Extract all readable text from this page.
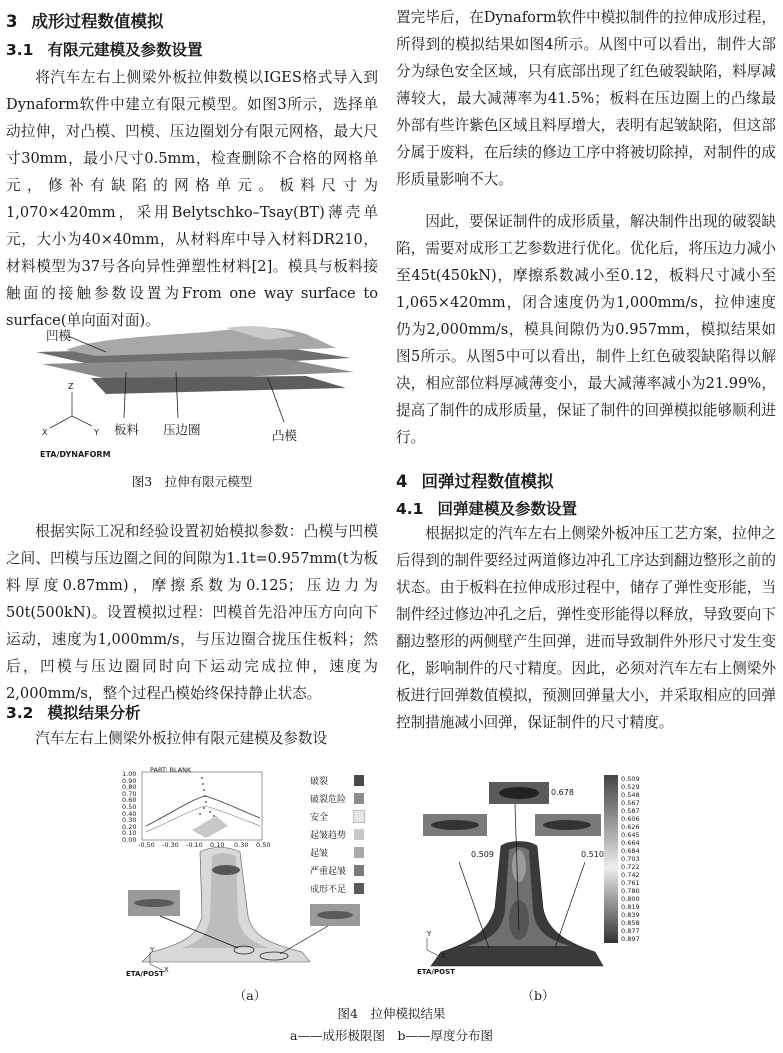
3 成形过程数值模拟
3.1 有限元建模及参数设置

将汽车左右上侧梁外板拉伸数模以IGES格式导入到Dynaform软件中建立有限元模型。如图3所示，选择单动拉伸，对凸模、凹模、压边圈划分有限元网格，最大尺寸30mm，最小尺寸0.5mm，检查删除不合格的网格单元，修补有缺陷的网格单元。板料尺寸为1,070×420mm，采用Belytschko–Tsay(BT)薄壳单元，大小为40×40mm，从材料库中导入材料DR210，材料模型为37号各向异性弹塑性材料[2]。模具与板料接触面的接触参数设置为From one way surface to surface(单向面对面)。

凹模
板料 压边圈	凸模
Z
X	Y
ETA/DYNAFORM
图3　拉伸有限元模型

根据实际工况和经验设置初始模拟参数：凸模与凹模之间、凹模与压边圈之间的间隙为1.1t=0.957mm(t为板料厚度0.87mm)，摩擦系数为0.125；压边力为50t(500kN)。设置模拟过程：凹模首先沿冲压方向向下运动，速度为1,000mm/s，与压边圈合拢压住板料；然后，凹模与压边圈同时向下运动完成拉伸，速度为2,000mm/s，整个过程凸模始终保持静止状态。

3.2 模拟结果分析

汽车左右上侧梁外板拉伸有限元建模及参数设

置完毕后，在Dynaform软件中模拟制件的拉伸成形过程，所得到的模拟结果如图4所示。从图中可以看出，制件大部分为绿色安全区域，只有底部出现了红色破裂缺陷，料厚减薄较大，最大减薄率为41.5%；板料在压边圈上的凸缘最外部有些许紫色区域且料厚增大，表明有起皱缺陷，但这部分属于废料，在后续的修边工序中将被切除掉，对制件的成形质量影响不大。

因此，要保证制件的成形质量，解决制件出现的破裂缺陷，需要对成形工艺参数进行优化。优化后，将压边力减小至45t(450kN)，摩擦系数减小至0.12，板料尺寸减小至1,065×420mm，闭合速度仍为1,000mm/s，拉伸速度仍为2,000mm/s，模具间隙仍为0.957mm，模拟结果如图5所示。从图5中可以看出，制件上红色破裂缺陷得以解决，相应部位料厚减薄变小，最大减薄率减小为21.99%，提高了制件的成形质量，保证了制件的回弹模拟能够顺利进行。

4 回弹过程数值模拟
4.1 回弹建模及参数设置

根据拟定的汽车左右上侧梁外板冲压工艺方案，拉伸之后得到的制件要经过两道修边冲孔工序达到翻边整形之前的状态。由于板料在拉伸成形过程中，储存了弹性变形能，当制件经过修边冲孔之后，弹性变形能得以释放，导致要向下翻边整形的两侧壁产生回弹，进而导致制件外形尺寸发生变化，影响制件的尺寸精度。因此，必须对汽车左右上侧梁外板进行回弹数值模拟，预测回弹量大小，并采取相应的回弹控制措施减小回弹，保证制件的尺寸精度。

PART: BLANK
1.00
0.90
0.80
0.70
0.60
0.50
0.40
0.30
0.20
0.10
0.00
-0.50 -0.30 -0.10 0.10 0.30 0.50
破裂
破裂危险
安全
起皱趋势
起皱
严重起皱
成形不足
Y
X
ETA/POST
（a）
0.678
0.509	0.510
Y
X
ETA/POST
0.509
0.529
0.548
0.567
0.587
0.606
0.626
0.645
0.664
0.684
0.703
0.722
0.742
0.761
0.780
0.800
0.819
0.839
0.858
0.877
0.897
（b）
图4　拉伸模拟结果
a——成形极限图　b——厚度分布图
